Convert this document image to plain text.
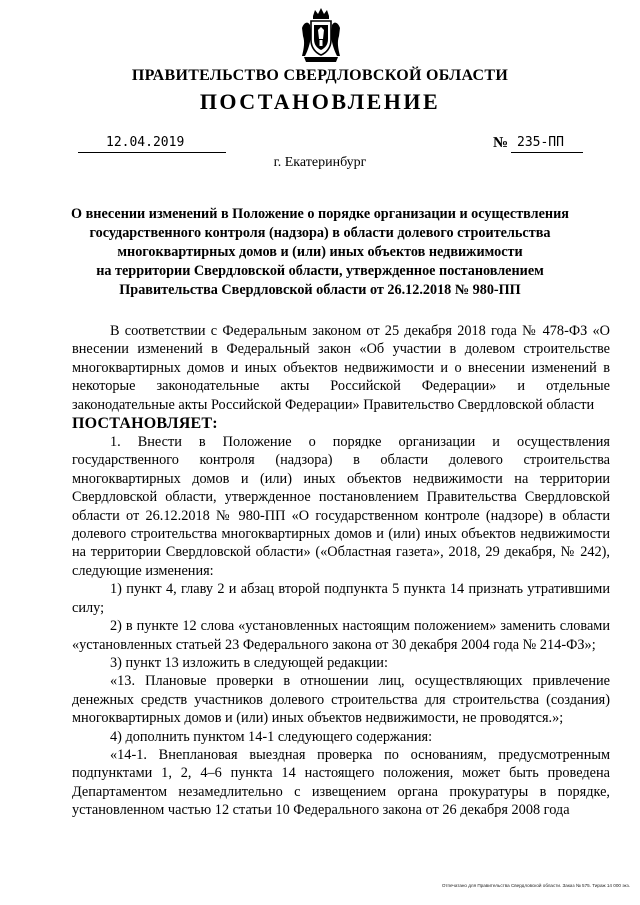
ПРАВИТЕЛЬСТВО СВЕРДЛОВСКОЙ ОБЛАСТИ
ПОСТАНОВЛЕНИЕ
12.04.2019	№ 235-ПП
г. Екатеринбург
О внесении изменений в Положение о порядке организации и осуществления
государственного контроля (надзора) в области долевого строительства
многоквартирных домов и (или) иных объектов недвижимости
на территории Свердловской области, утвержденное постановлением
Правительства Свердловской области от 26.12.2018 № 980-ПП

В соответствии с Федеральным законом от 25 декабря 2018 года № 478-ФЗ «О внесении изменений в Федеральный закон «Об участии в долевом строительстве многоквартирных домов и иных объектов недвижимости и о внесении изменений в некоторые законодательные акты Российской Федерации» и отдельные законодательные акты Российской Федерации» Правительство Свердловской области

ПОСТАНОВЛЯЕТ:

1. Внести в Положение о порядке организации и осуществления государственного контроля (надзора) в области долевого строительства многоквартирных домов и (или) иных объектов недвижимости на территории Свердловской области, утвержденное постановлением Правительства Свердловской области от 26.12.2018 № 980-ПП «О государственном контроле (надзоре) в области долевого строительства многоквартирных домов и (или) иных объектов недвижимости на территории Свердловской области» («Областная газета», 2018, 29 декабря, № 242), следующие изменения:

1) пункт 4, главу 2 и абзац второй подпункта 5 пункта 14 признать утратившими силу;

2) в пункте 12 слова «установленных настоящим положением» заменить словами «установленных статьей 23 Федерального закона от 30 декабря 2004 года № 214-ФЗ»;

3) пункт 13 изложить в следующей редакции:

«13. Плановые проверки в отношении лиц, осуществляющих привлечение денежных средств участников долевого строительства для строительства (создания) многоквартирных домов и (или) иных объектов недвижимости, не проводятся.»;

4) дополнить пунктом 14-1 следующего содержания:

«14-1. Внеплановая выездная проверка по основаниям, предусмотренным подпунктами 1, 2, 4–6 пункта 14 настоящего положения, может быть проведена Департаментом незамедлительно с извещением органа прокуратуры в порядке, установленном частью 12 статьи 10 Федерального закона от 26 декабря 2008 года

Отпечатано для Правительства Свердловской области. Заказ № 575. Тираж 14 000 экз.
